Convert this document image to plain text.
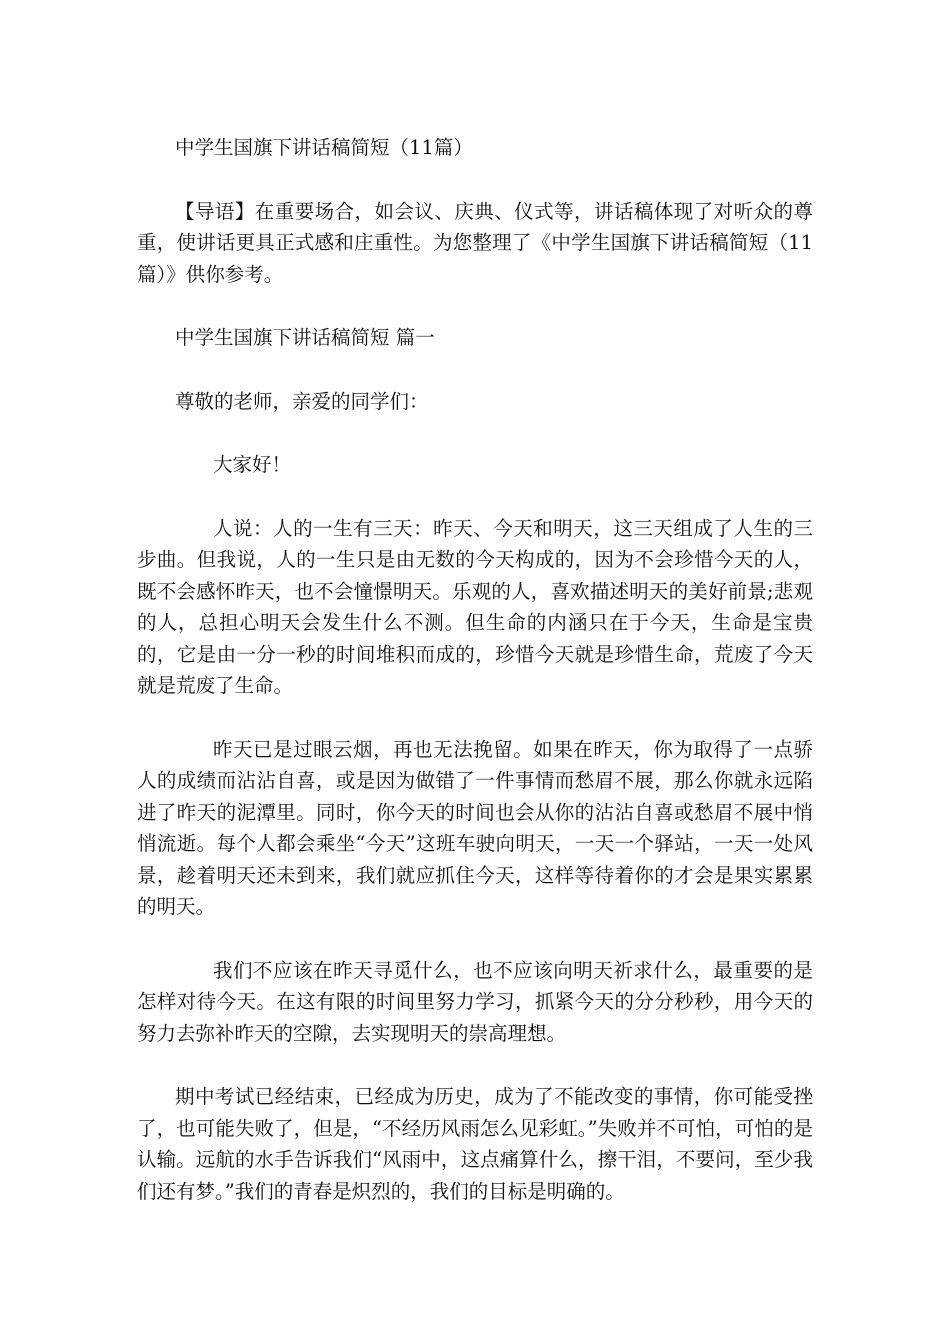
中学生国旗下讲话稿简短（11篇）

【导语】在重要场合，如会议、庆典、仪式等，讲话稿体现了对听众的尊重，使讲话更具正式感和庄重性。为您整理了《中学生国旗下讲话稿简短（11篇）》供你参考。

中学生国旗下讲话稿简短 篇一

尊敬的老师，亲爱的同学们：

大家好！

人说：人的一生有三天：昨天、今天和明天，这三天组成了人生的三步曲。但我说，人的一生只是由无数的今天构成的，因为不会珍惜今天的人，既不会感怀昨天，也不会憧憬明天。乐观的人，喜欢描述明天的美好前景;悲观的人，总担心明天会发生什么不测。但生命的内涵只在于今天，生命是宝贵的，它是由一分一秒的时间堆积而成的，珍惜今天就是珍惜生命，荒废了今天就是荒废了生命。

昨天已是过眼云烟，再也无法挽留。如果在昨天，你为取得了一点骄人的成绩而沾沾自喜，或是因为做错了一件事情而愁眉不展，那么你就永远陷进了昨天的泥潭里。同时，你今天的时间也会从你的沾沾自喜或愁眉不展中悄悄流逝。每个人都会乘坐“今天”这班车驶向明天，一天一个驿站，一天一处风景，趁着明天还未到来，我们就应抓住今天，这样等待着你的才会是果实累累的明天。

我们不应该在昨天寻觅什么，也不应该向明天祈求什么，最重要的是怎样对待今天。在这有限的时间里努力学习，抓紧今天的分分秒秒，用今天的努力去弥补昨天的空隙，去实现明天的崇高理想。

期中考试已经结束，已经成为历史，成为了不能改变的事情，你可能受挫了，也可能失败了，但是，“不经历风雨怎么见彩虹。”失败并不可怕，可怕的是认输。远航的水手告诉我们“风雨中，这点痛算什么，擦干泪，不要问，至少我们还有梦。”我们的青春是炽烈的，我们的目标是明确的。
